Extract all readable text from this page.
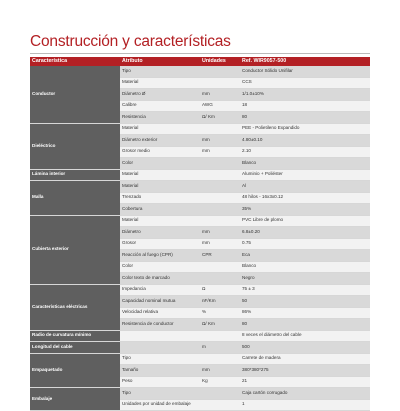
Construcción y características
Característica	Atributo	Unidades	Ref. WIR9057-500
Conductor	Tipo		Conductor Sólido Unifilar
	Material		CCS
	Diámetro Ø	mm	1/1.0±10%
	Calibre	AWG	18
	Resistencia	Ω/ Km	80
Dieléctrico	Material		PEE - Polietileno Expandido
	Diámetro exterior	mm	4.80±0.10
	Grosor medio	mm	2.10
	Color		Blanco
Lámina interior	Material		Aluminio + Poliéster
Malla	Material		Al
	Trenzado		48 hilos - 16x3x0.12
	Cobertura		35%
Cubierta exterior	Material		PVC Libre de plomo
	Diámetro	mm	6.8±0.20
	Grosor	mm	0.75
	Reacción al fuego (CPR)	CPR	Eca
	Color		Blanco
	Color texto de marcado		Negro
Características eléctricas	Impedancia	Ω	75 ± 3
	Capacidad nominal mutua	nF/Km	50
	Velocidad relativa	%	86%
	Resistencia de conductor	Ω/ Km	80
Radio de curvatura mínimo			8 veces el diámetro del cable
Longitud del cable		m	500
Empaquetado	Tipo		Carrete de madera
	Tamaño	mm	380*380*275
	Peso	Kg	21
Embalaje	Tipo		Caja cartón corrugado
	Unidades por unidad de embalaje		1
